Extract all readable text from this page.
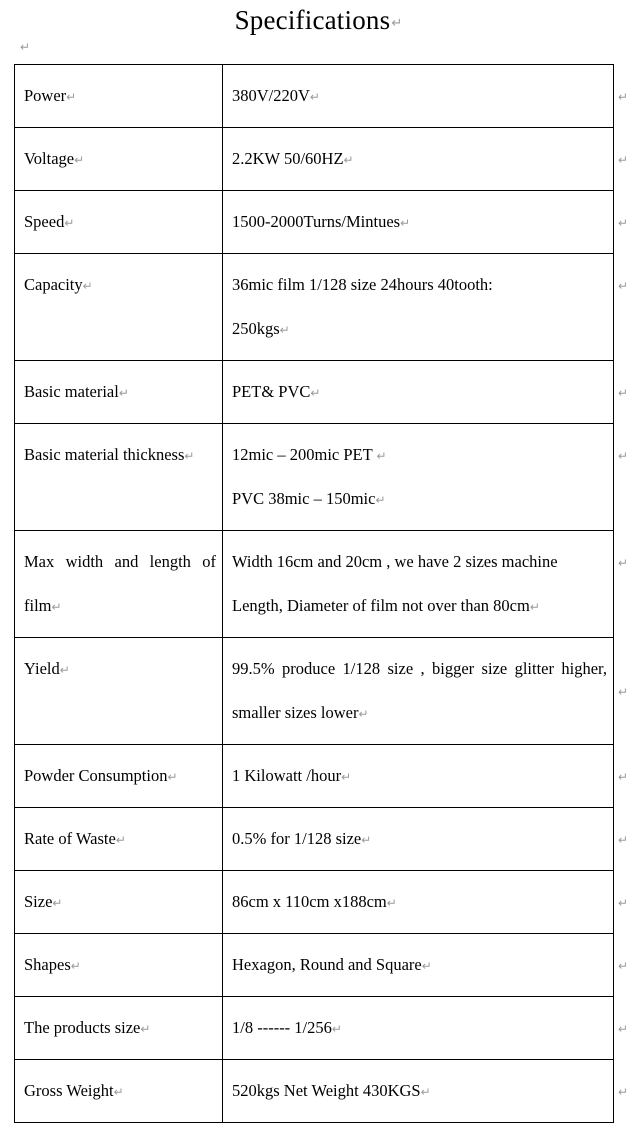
Specifications↵
↵

Power↵	380V/220V↵

Voltage↵	2.2KW 50/60HZ↵

Speed↵	1500-2000Turns/Mintues↵

Capacity↵	36mic film 1/128 size 24hours 40tooth:

250kgs↵

Basic material↵	PET& PVC↵

Basic material thickness↵	12mic – 200mic PET ↵

PVC 38mic – 150mic↵

Max width and length of film↵	Width 16cm and 20cm , we have 2 sizes machine

Length, Diameter of film not over than 80cm↵

Yield↵	99.5% produce 1/128 size , bigger size glitter higher, smaller sizes lower↵

Powder Consumption↵	1 Kilowatt /hour↵

Rate of Waste↵	0.5% for 1/128 size↵

Size↵	86cm x 110cm x188cm↵

Shapes↵	Hexagon, Round and Square↵

The products size↵	1/8 ------ 1/256↵

Gross Weight↵	520kgs Net Weight 430KGS↵

↵
↵
↵
↵
↵
↵
↵
↵
↵
↵
↵
↵
↵
↵
